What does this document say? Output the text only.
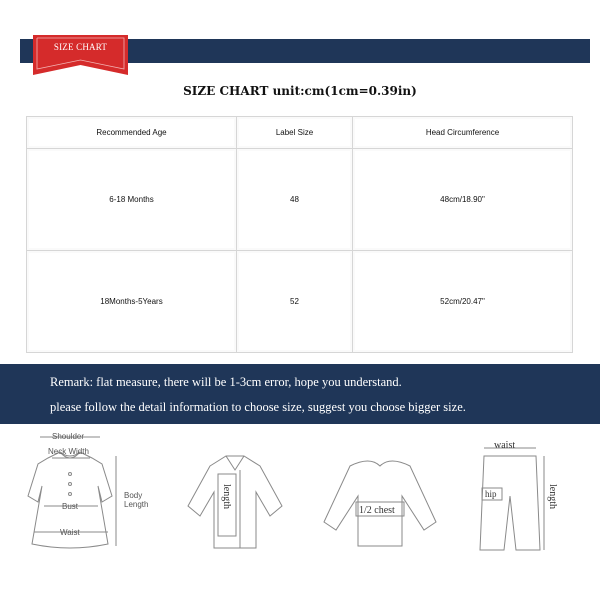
SIZE CHART
SIZE CHART unit:cm(1cm=0.39in)
Recommended Age	Label Size	Head Circumference
6-18 Months	48	48cm/18.90"
18Months-5Years	52	52cm/20.47"
Remark: flat measure, there will be 1-3cm error, hope you understand.
please follow the detail information to choose size, suggest you choose bigger size.
Shoulder
Neck Width
Bust
Waist
Body Length	length
1/2 chest
waist
hip	length
